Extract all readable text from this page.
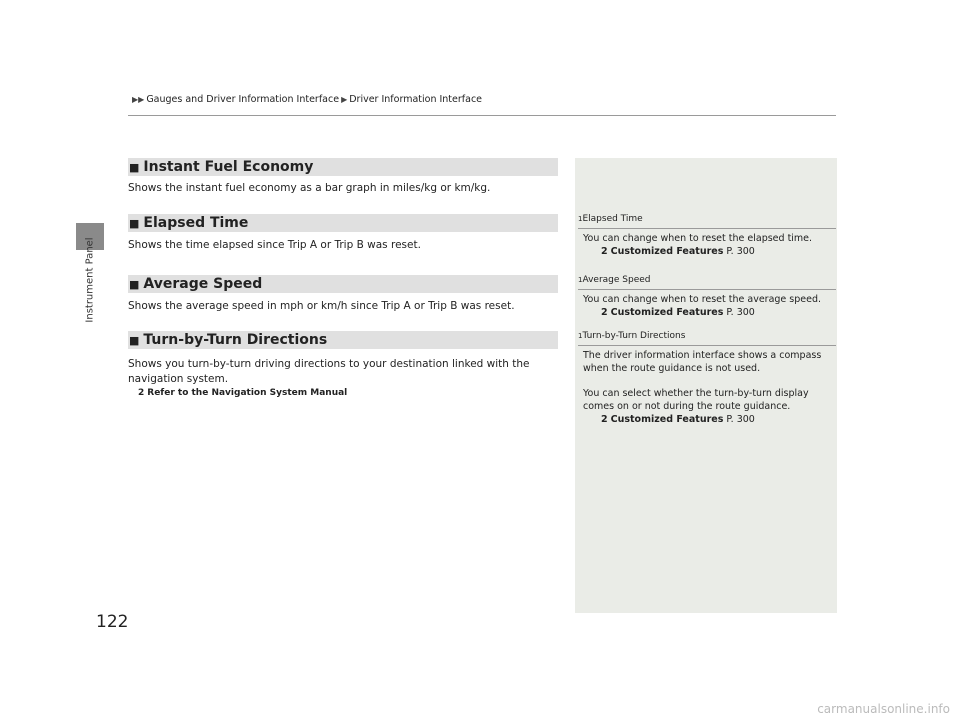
Instrument Panel
122
▶▶ Gauges and Driver Information Interface ▶ Driver Information Interface
$^1$Elapsed Time
You can change when to reset the elapsed time.
2 Customized Features P. 300
$^1$Average Speed
You can change when to reset the average speed.
2 Customized Features P. 300
$^1$Turn-by-Turn Directions
The driver information interface shows a compass
when the route guidance is not used.
You can select whether the turn-by-turn display
comes on or not during the route guidance.
2 Customized Features P. 300
■ Instant Fuel Economy
Shows the instant fuel economy as a bar graph in miles/kg or km/kg.
■ Elapsed Time
Shows the time elapsed since Trip A or Trip B was reset.
■ Average Speed
Shows the average speed in mph or km/h since Trip A or Trip B was reset.
■ Turn-by-Turn Directions
Shows you turn-by-turn driving directions to your destination linked with the
navigation system.
2 Refer to the Navigation System Manual
carmanualsonline.info
